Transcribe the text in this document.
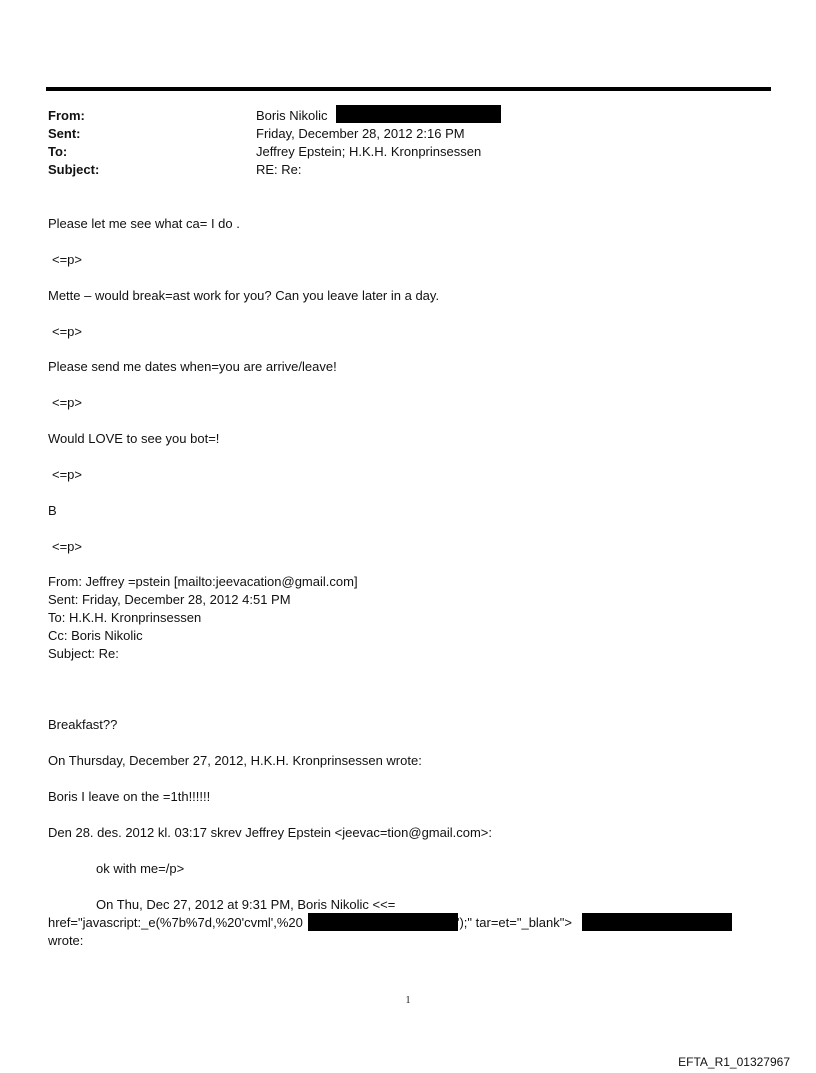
From:	Boris Nikolic
Sent:	Friday, December 28, 2012 2:16 PM
To:	Jeffrey Epstein; H.K.H. Kronprinsessen
Subject:	RE: Re:
Please let me see what ca= I do .
<=p>
Mette – would break=ast work for you? Can you leave later in a day.
<=p>
Please send me dates when=you are arrive/leave!
<=p>
Would LOVE to see you bot=!
<=p>
B
<=p>
From: Jeffrey =pstein [mailto:jeevacation@gmail.com]
Sent: Friday, December 28, 2012 4:51 PM
To: H.K.H. Kronprinsessen
Cc: Boris Nikolic
Subject: Re:
Breakfast??
On Thursday, December 27, 2012, H.K.H. Kronprinsessen wrote:
Boris I leave on the =1th!!!!!!
Den 28. des. 2012 kl. 03:17 skrev Jeffrey Epstein <jeevac=tion@gmail.com>:
ok with me=/p>
On Thu, Dec 27, 2012 at 9:31 PM, Boris Nikolic <<=
href="javascript:_e(%7b%7d,%20'cvml',%20	');" tar=et="_blank">
wrote:
1
EFTA_R1_01327967
